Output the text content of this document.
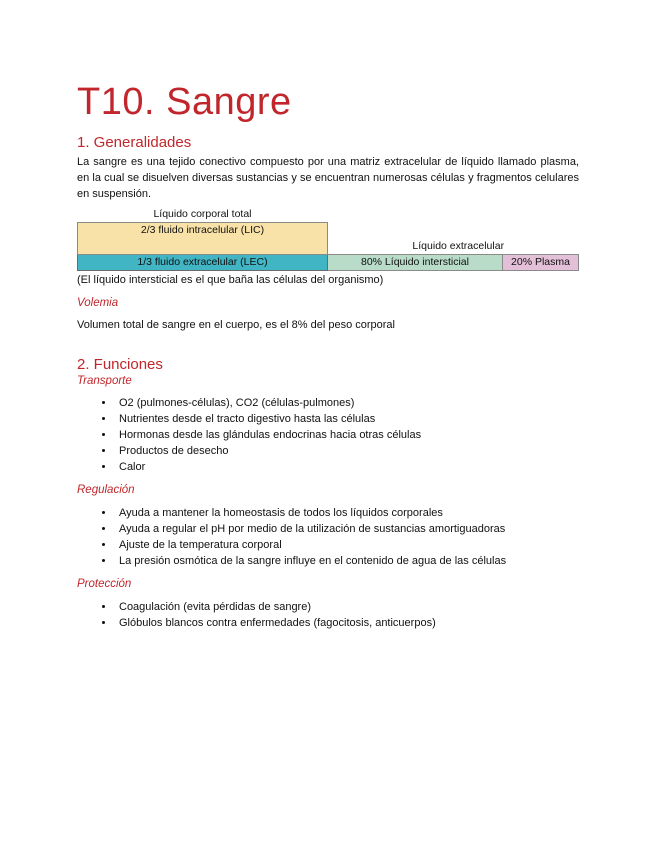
T10. Sangre
1. Generalidades

La sangre es una tejido conectivo compuesto por una matriz extracelular de líquido llamado plasma, en la cual se disuelven diversas sustancias y se encuentran numerosas células y fragmentos celulares en suspensión.

Líquido corporal total		
2/3 fluido intracelular (LIC)	Líquido extracelular	
1/3 fluido extracelular (LEC)	80% Líquido intersticial	20% Plasma

(El líquido intersticial es el que baña las células del organismo)

Volemia

Volumen total de sangre en el cuerpo, es el 8% del peso corporal

2. Funciones
Transporte
• O2 (pulmones-células), CO2 (células-pulmones)
• Nutrientes desde el tracto digestivo hasta las células
• Hormonas desde las glándulas endocrinas hacia otras células
• Productos de desecho
• Calor
Regulación
• Ayuda a mantener la homeostasis de todos los líquidos corporales
• Ayuda a regular el pH por medio de la utilización de sustancias amortiguadoras
• Ajuste de la temperatura corporal
• La presión osmótica de la sangre influye en el contenido de agua de las células
Protección
• Coagulación (evita pérdidas de sangre)
• Glóbulos blancos contra enfermedades (fagocitosis, anticuerpos)
